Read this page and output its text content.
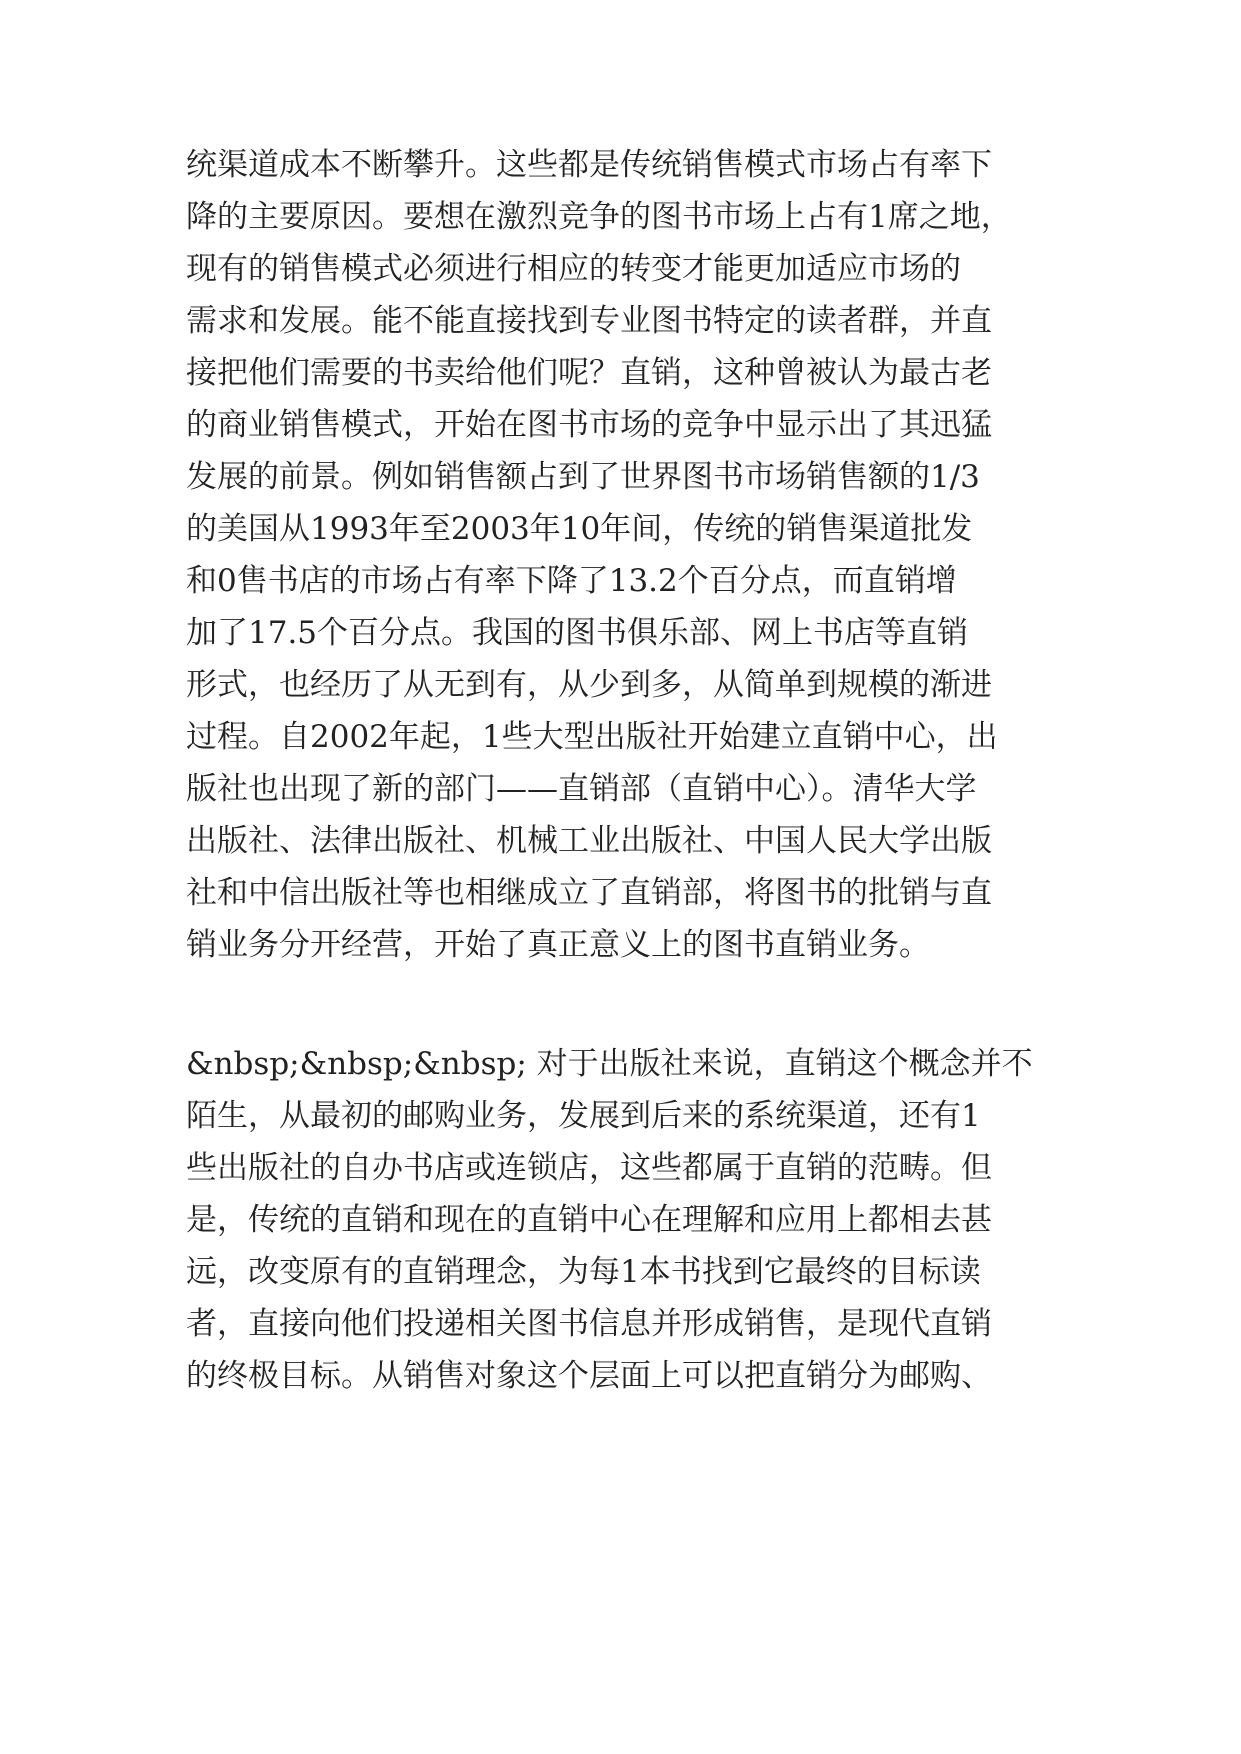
统渠道成本不断攀升。这些都是传统销售模式市场占有率下
降的主要原因。要想在激烈竞争的图书市场上占有1席之地，
现有的销售模式必须进行相应的转变才能更加适应市场的
需求和发展。能不能直接找到专业图书特定的读者群，并直
接把他们需要的书卖给他们呢？直销，这种曾被认为最古老
的商业销售模式，开始在图书市场的竞争中显示出了其迅猛
发展的前景。例如销售额占到了世界图书市场销售额的1/3
的美国从1993年至2003年10年间，传统的销售渠道批发
和0售书店的市场占有率下降了13.2个百分点，而直销增
加了17.5个百分点。我国的图书俱乐部、网上书店等直销
形式，也经历了从无到有，从少到多，从简单到规模的渐进
过程。自2002年起，1些大型出版社开始建立直销中心，出
版社也出现了新的部门——直销部（直销中心）。清华大学
出版社、法律出版社、机械工业出版社、中国人民大学出版
社和中信出版社等也相继成立了直销部，将图书的批销与直
销业务分开经营，开始了真正意义上的图书直销业务。
&nbsp;&nbsp;&nbsp; 对于出版社来说，直销这个概念并不
陌生，从最初的邮购业务，发展到后来的系统渠道，还有1
些出版社的自办书店或连锁店，这些都属于直销的范畴。但
是，传统的直销和现在的直销中心在理解和应用上都相去甚
远，改变原有的直销理念，为每1本书找到它最终的目标读
者，直接向他们投递相关图书信息并形成销售，是现代直销
的终极目标。从销售对象这个层面上可以把直销分为邮购、
